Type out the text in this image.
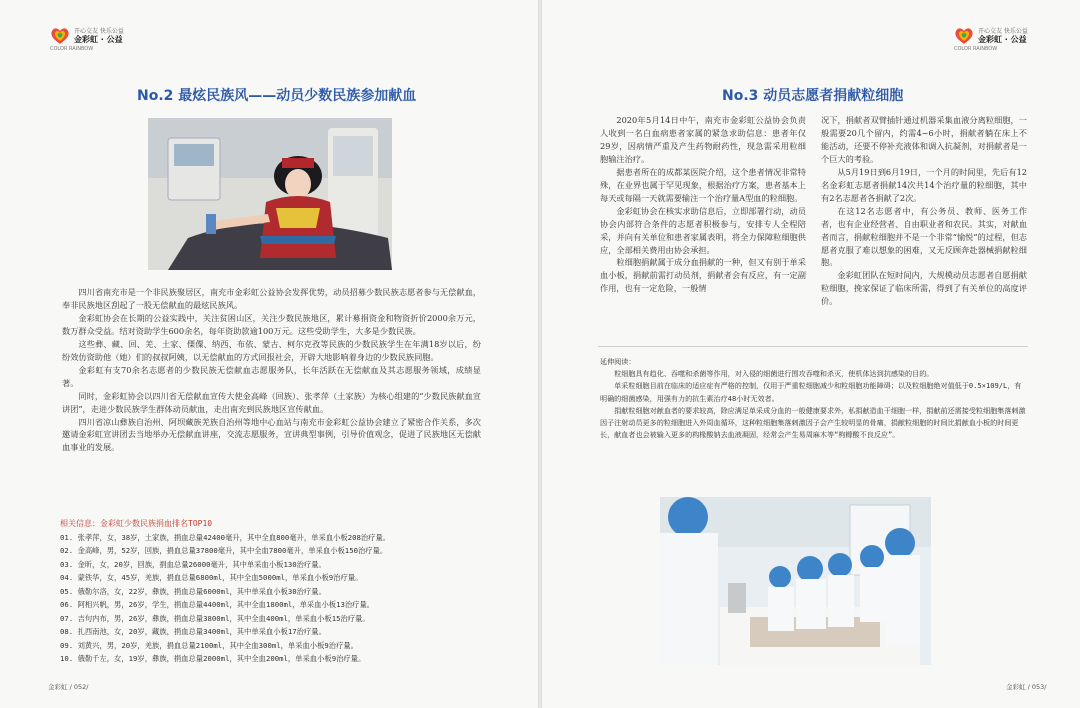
COLOR RAINBOW
开心交友 快乐公益
金彩虹 · 公益
No.2 最炫民族风——动员少数民族参加献血

四川省南充市是一个非民族聚居区，南充市金彩虹公益协会发挥优势，动员招募少数民族志愿者参与无偿献血，奉非民族地区刮起了一股无偿献血的最炫民族风。

金彩虹协会在长期的公益实践中，关注贫困山区，关注少数民族地区，累计募捐资金和物资折价2000余万元，数万群众受益。结对资助学生600余名，每年资助款逾100万元。这些受助学生，大多是少数民族。

这些彝、藏、回、羌、土家、傈僳、纳西、布依、蒙古、柯尔克孜等民族的少数民族学生在年满18岁以后，纷纷效仿资助他（她）们的叔叔阿姨，以无偿献血的方式回报社会，开辟大地影响着身边的少数民族同胞。

金彩虹有支70余名志愿者的少数民族无偿献血志愿服务队，长年活跃在无偿献血及其志愿服务领域，成绩显著。

同时，金彩虹协会以四川省无偿献血宣传大使金高峰（回族）、张孝萍（土家族）为核心组建的“少数民族献血宣讲团”，走进少数民族学生群体动员献血，走出南充到民族地区宣传献血。

四川省凉山彝族自治州、阿坝藏族羌族自治州等地中心血站与南充市金彩虹公益协会建立了紧密合作关系，多次邀请金彩虹宣讲团去当地举办无偿献血讲座，交流志愿服务，宣讲典型事例，引导价值观念，促进了民族地区无偿献血事业的发展。

相关信息：金彩虹少数民族捐血排名TOP10
01. 张孝萍，女，38岁，土家族，捐血总量42400毫升，其中全血800毫升，单采血小板208治疗量。
02. 金高峰，男，52岁，回族，捐血总量37800毫升，其中全血7800毫升，单采血小板150治疗量。
03. 金昕，女，20岁，回族，捐血总量26000毫升，其中单采血小板130治疗量。
04. 蒙铁华，女，45岁，羌族，捐血总量6800ml，其中全血5000ml，单采血小板9治疗量。
05. 俄勒尔洛，女，22岁，彝族，捐血总量6000ml，其中单采血小板30治疗量。
06. 阿相兴帆，男，26岁，学生，捐血总量4400ml，其中全血1800ml，单采血小板13治疗量。
07. 吉句内布，男，26岁，彝族，捐血总量3800ml，其中全血400ml，单采血小板15治疗量。
08. 扎西南池，女，20岁，藏族，捐血总量3400ml，其中单采血小板17治疗量。
09. 刘黄兴，男，20岁，羌族，捐血总量2100ml，其中全血300ml，单采血小板9治疗量。
10. 俄勒千左，女，19岁，彝族，捐血总量2000ml，其中全血200ml，单采血小板9治疗量。
金彩虹 / 052/
COLOR RAINBOW
开心交友 快乐公益
金彩虹 · 公益
No.3 动员志愿者捐献粒细胞

2020年5月14日中午，南充市金彩虹公益协会负责人收到一名白血病患者家属的紧急求助信息：患者年仅29岁，因病情严重及产生药物耐药性，现急需采用粒细胞输注治疗。

据患者所在的成都某医院介绍，这个患者情况非常特殊，在业界也属于罕见现象，根据治疗方案，患者基本上每天或每隔一天就需要输注一个治疗量A型血的粒细胞。

金彩虹协会在核实求助信息后，立即部署行动，动员协会内部符合条件的志愿者积极参与，安排专人全程陪采，并向有关单位和患者家属表明，将全力保障粒细胞供应，全部相关费用由协会承担。

粒细胞捐献属于成分血捐献的一种，但又有别于单采血小板，捐献前需打动员剂，捐献者会有反应，有一定副作用，也有一定危险，一般情

况下，捐献者双臂插针通过机器采集血液分离粒细胞，一般需要20几个留内，约需4~6小时，捐献者躺在床上不能活动，还要不停补充液体和调入抗凝剂，对捐献者是一个巨大的考验。

从5月19日到6月19日，一个月的时间里，先后有12名金彩虹志愿者捐献14次共14个治疗量的粒细胞，其中有2名志愿者各捐献了2次。

在这12名志愿者中，有公务员、教师、医务工作者，也有企业经营者、自由职业者和农民。其实，对献血者而言，捐献粒细胞并不是一个非常“愉悦”的过程，但志愿者克服了难以想象的困难，又无反顾奔赴器械捐献粒细胞。

金彩虹团队在短时间内，大规模动员志愿者自愿捐献粒细胞，挽家保证了临床所需，得到了有关单位的高度评价。

延伸阅读：

粒细胞具有趋化、吞噬和杀菌等作用，对入侵的细菌进行围攻吞噬和杀灭，使机体达到抗感染的目的。

单采粒细胞目前在临床的适应症有严格的控制，仅用于严重粒细胞减少和粒细胞功能障碍；以及粒细胞绝对值低于0.5×109/L，有明确的细菌感染，用强有力的抗生素治疗48小时无效者。

捐献粒细胞对献血者的要求较高，除应满足单采成分血的一般健康要求外，私捐献造血干细胞一样，捐献前还需接受粒细胞集落刺激因子注射动员更多的粒细胞进入外周血循环，这种粒细胞集落刺激因子会产生较明显的骨痛，捐献粒细胞的时间比捐献血小板的时间更长，献血者也会被输入更多的构椽酸钠去血液凝固，经常会产生易周麻木等“枸橼酸不良反应”。

金彩虹 / 053/
